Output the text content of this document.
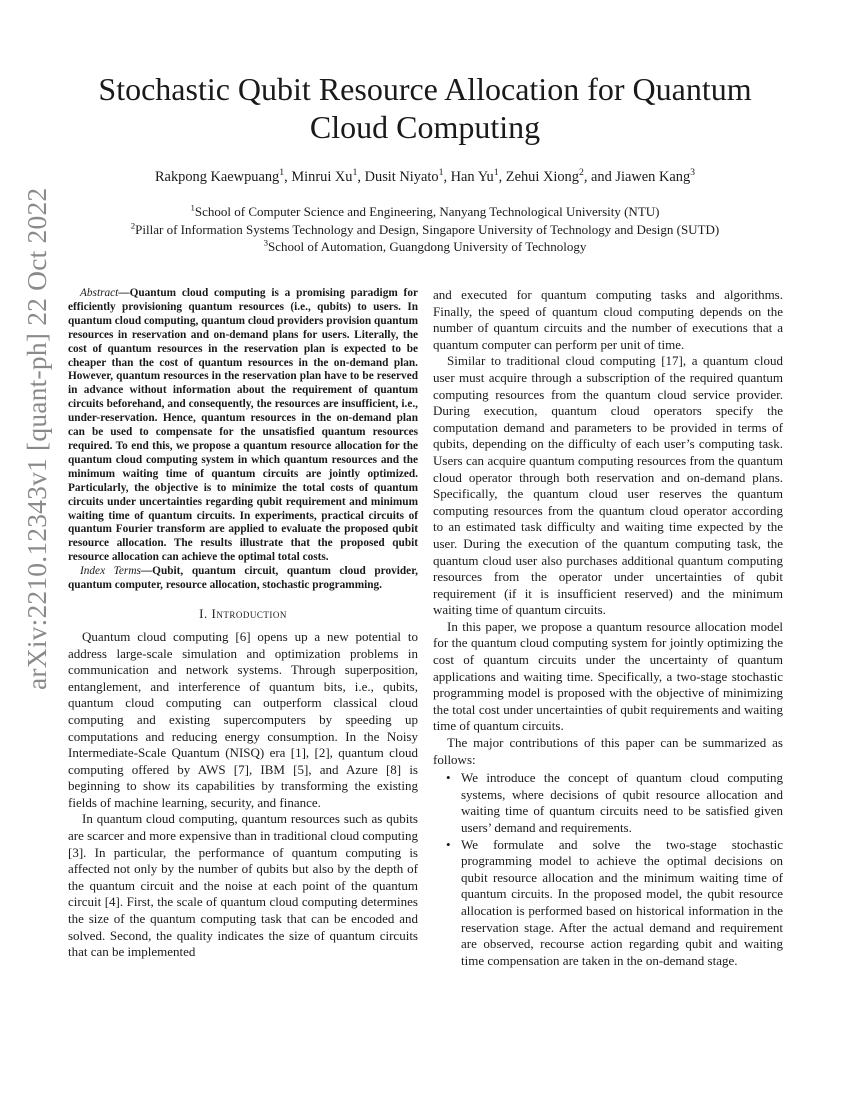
arXiv:2210.12343v1 [quant-ph] 22 Oct 2022
Stochastic Qubit Resource Allocation for Quantum
Cloud Computing
Rakpong Kaewpuang$^1$, Minrui Xu$^1$, Dusit Niyato$^1$, Han Yu$^1$, Zehui Xiong$^2$, and Jiawen Kang$^3$
$^1$School of Computer Science and Engineering, Nanyang Technological University (NTU)
$^2$Pillar of Information Systems Technology and Design, Singapore University of Technology and Design (SUTD)
$^3$School of Automation, Guangdong University of Technology

Abstract—Quantum cloud computing is a promising paradigm for efficiently provisioning quantum resources (i.e., qubits) to users. In quantum cloud computing, quantum cloud providers provision quantum resources in reservation and on-demand plans for users. Literally, the cost of quantum resources in the reservation plan is expected to be cheaper than the cost of quantum resources in the on-demand plan. However, quantum resources in the reservation plan have to be reserved in advance without information about the requirement of quantum circuits beforehand, and consequently, the resources are insufficient, i.e., under-reservation. Hence, quantum resources in the on-demand plan can be used to compensate for the unsatisfied quantum resources required. To end this, we propose a quantum resource allocation for the quantum cloud computing system in which quantum resources and the minimum waiting time of quantum circuits are jointly optimized. Particularly, the objective is to minimize the total costs of quantum circuits under uncertainties regarding qubit requirement and minimum waiting time of quantum circuits. In experiments, practical circuits of quantum Fourier transform are applied to evaluate the proposed qubit resource allocation. The results illustrate that the proposed qubit resource allocation can achieve the optimal total costs.

Index Terms—Qubit, quantum circuit, quantum cloud provider, quantum computer, resource allocation, stochastic programming.

I. Introduction

Quantum cloud computing [6] opens up a new potential to address large-scale simulation and optimization problems in communication and network systems. Through superposition, entanglement, and interference of quantum bits, i.e., qubits, quantum cloud computing can outperform classical cloud computing and existing supercomputers by speeding up computations and reducing energy consumption. In the Noisy Intermediate-Scale Quantum (NISQ) era [1], [2], quantum cloud computing offered by AWS [7], IBM [5], and Azure [8] is beginning to show its capabilities by transforming the existing fields of machine learning, security, and finance.

In quantum cloud computing, quantum resources such as qubits are scarcer and more expensive than in traditional cloud computing [3]. In particular, the performance of quantum computing is affected not only by the number of qubits but also by the depth of the quantum circuit and the noise at each point of the quantum circuit [4]. First, the scale of quantum cloud computing determines the size of the quantum computing task that can be encoded and solved. Second, the quality indicates the size of quantum circuits that can be implemented

and executed for quantum computing tasks and algorithms. Finally, the speed of quantum cloud computing depends on the number of quantum circuits and the number of executions that a quantum computer can perform per unit of time.

Similar to traditional cloud computing [17], a quantum cloud user must acquire through a subscription of the required quantum computing resources from the quantum cloud service provider. During execution, quantum cloud operators specify the computation demand and parameters to be provided in terms of qubits, depending on the difficulty of each user’s computing task. Users can acquire quantum computing resources from the quantum cloud operator through both reservation and on-demand plans. Specifically, the quantum cloud user reserves the quantum computing resources from the quantum cloud operator according to an estimated task difficulty and waiting time expected by the user. During the execution of the quantum computing task, the quantum cloud user also purchases additional quantum computing resources from the operator under uncertainties of qubit requirement (if it is insufficient reserved) and the minimum waiting time of quantum circuits.

In this paper, we propose a quantum resource allocation model for the quantum cloud computing system for jointly optimizing the cost of quantum circuits under the uncertainty of quantum applications and waiting time. Specifically, a two-stage stochastic programming model is proposed with the objective of minimizing the total cost under uncertainties of qubit requirements and waiting time of quantum circuits.

The major contributions of this paper can be summarized as follows:

• We introduce the concept of quantum cloud computing systems, where decisions of qubit resource allocation and waiting time of quantum circuits need to be satisfied given users’ demand and requirements.
• We formulate and solve the two-stage stochastic programming model to achieve the optimal decisions on qubit resource allocation and the minimum waiting time of quantum circuits. In the proposed model, the qubit resource allocation is performed based on historical information in the reservation stage. After the actual demand and requirement are observed, recourse action regarding qubit and waiting time compensation are taken in the on-demand stage.
